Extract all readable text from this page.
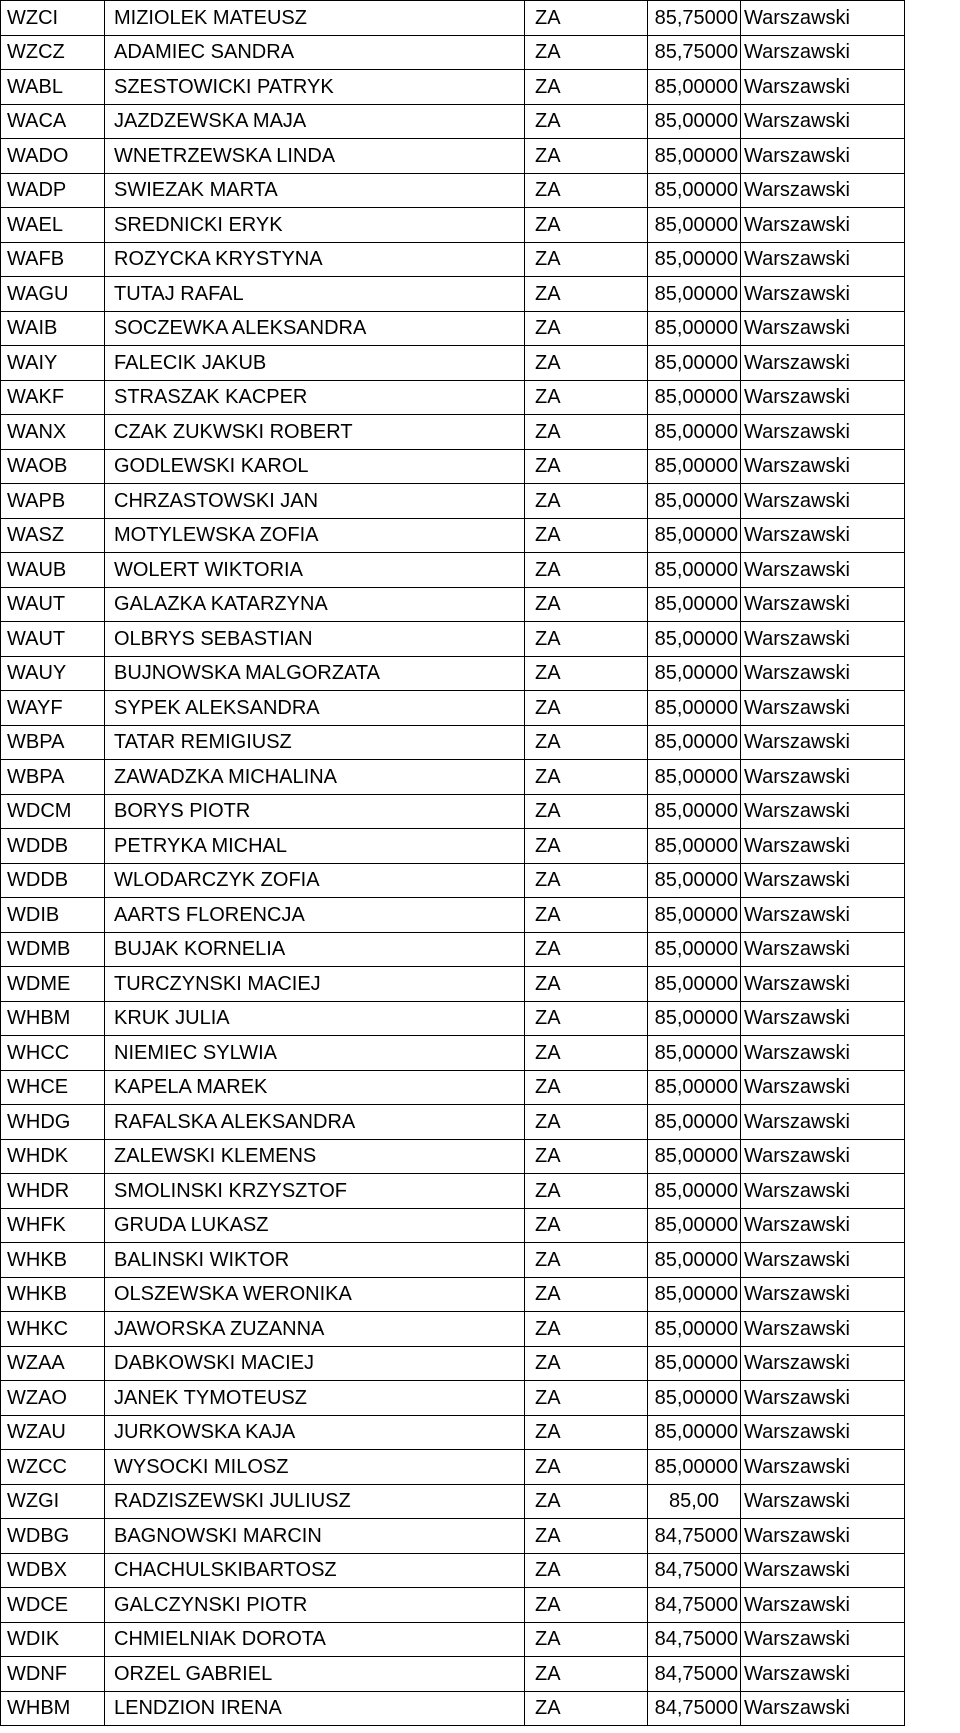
WZCI	MIZIOLEK MATEUSZ	ZA	85,75000	Warszawski
WZCZ	ADAMIEC SANDRA	ZA	85,75000	Warszawski
WABL	SZESTOWICKI PATRYK	ZA	85,00000	Warszawski
WACA	JAZDZEWSKA MAJA	ZA	85,00000	Warszawski
WADO	WNETRZEWSKA LINDA	ZA	85,00000	Warszawski
WADP	SWIEZAK MARTA	ZA	85,00000	Warszawski
WAEL	SREDNICKI ERYK	ZA	85,00000	Warszawski
WAFB	ROZYCKA KRYSTYNA	ZA	85,00000	Warszawski
WAGU	TUTAJ RAFAL	ZA	85,00000	Warszawski
WAIB	SOCZEWKA ALEKSANDRA	ZA	85,00000	Warszawski
WAIY	FALECIK JAKUB	ZA	85,00000	Warszawski
WAKF	STRASZAK KACPER	ZA	85,00000	Warszawski
WANX	CZAK ZUKWSKI ROBERT	ZA	85,00000	Warszawski
WAOB	GODLEWSKI KAROL	ZA	85,00000	Warszawski
WAPB	CHRZASTOWSKI JAN	ZA	85,00000	Warszawski
WASZ	MOTYLEWSKA ZOFIA	ZA	85,00000	Warszawski
WAUB	WOLERT WIKTORIA	ZA	85,00000	Warszawski
WAUT	GALAZKA KATARZYNA	ZA	85,00000	Warszawski
WAUT	OLBRYS SEBASTIAN	ZA	85,00000	Warszawski
WAUY	BUJNOWSKA MALGORZATA	ZA	85,00000	Warszawski
WAYF	SYPEK ALEKSANDRA	ZA	85,00000	Warszawski
WBPA	TATAR REMIGIUSZ	ZA	85,00000	Warszawski
WBPA	ZAWADZKA MICHALINA	ZA	85,00000	Warszawski
WDCM	BORYS PIOTR	ZA	85,00000	Warszawski
WDDB	PETRYKA MICHAL	ZA	85,00000	Warszawski
WDDB	WLODARCZYK ZOFIA	ZA	85,00000	Warszawski
WDIB	AARTS FLORENCJA	ZA	85,00000	Warszawski
WDMB	BUJAK KORNELIA	ZA	85,00000	Warszawski
WDME	TURCZYNSKI MACIEJ	ZA	85,00000	Warszawski
WHBM	KRUK JULIA	ZA	85,00000	Warszawski
WHCC	NIEMIEC SYLWIA	ZA	85,00000	Warszawski
WHCE	KAPELA MAREK	ZA	85,00000	Warszawski
WHDG	RAFALSKA ALEKSANDRA	ZA	85,00000	Warszawski
WHDK	ZALEWSKI KLEMENS	ZA	85,00000	Warszawski
WHDR	SMOLINSKI KRZYSZTOF	ZA	85,00000	Warszawski
WHFK	GRUDA LUKASZ	ZA	85,00000	Warszawski
WHKB	BALINSKI WIKTOR	ZA	85,00000	Warszawski
WHKB	OLSZEWSKA WERONIKA	ZA	85,00000	Warszawski
WHKC	JAWORSKA ZUZANNA	ZA	85,00000	Warszawski
WZAA	DABKOWSKI MACIEJ	ZA	85,00000	Warszawski
WZAO	JANEK TYMOTEUSZ	ZA	85,00000	Warszawski
WZAU	JURKOWSKA KAJA	ZA	85,00000	Warszawski
WZCC	WYSOCKI MILOSZ	ZA	85,00000	Warszawski
WZGI	RADZISZEWSKI JULIUSZ	ZA	85,00	Warszawski
WDBG	BAGNOWSKI MARCIN	ZA	84,75000	Warszawski
WDBX	CHACHULSKIBARTOSZ	ZA	84,75000	Warszawski
WDCE	GALCZYNSKI PIOTR	ZA	84,75000	Warszawski
WDIK	CHMIELNIAK DOROTA	ZA	84,75000	Warszawski
WDNF	ORZEL GABRIEL	ZA	84,75000	Warszawski
WHBM	LENDZION IRENA	ZA	84,75000	Warszawski
